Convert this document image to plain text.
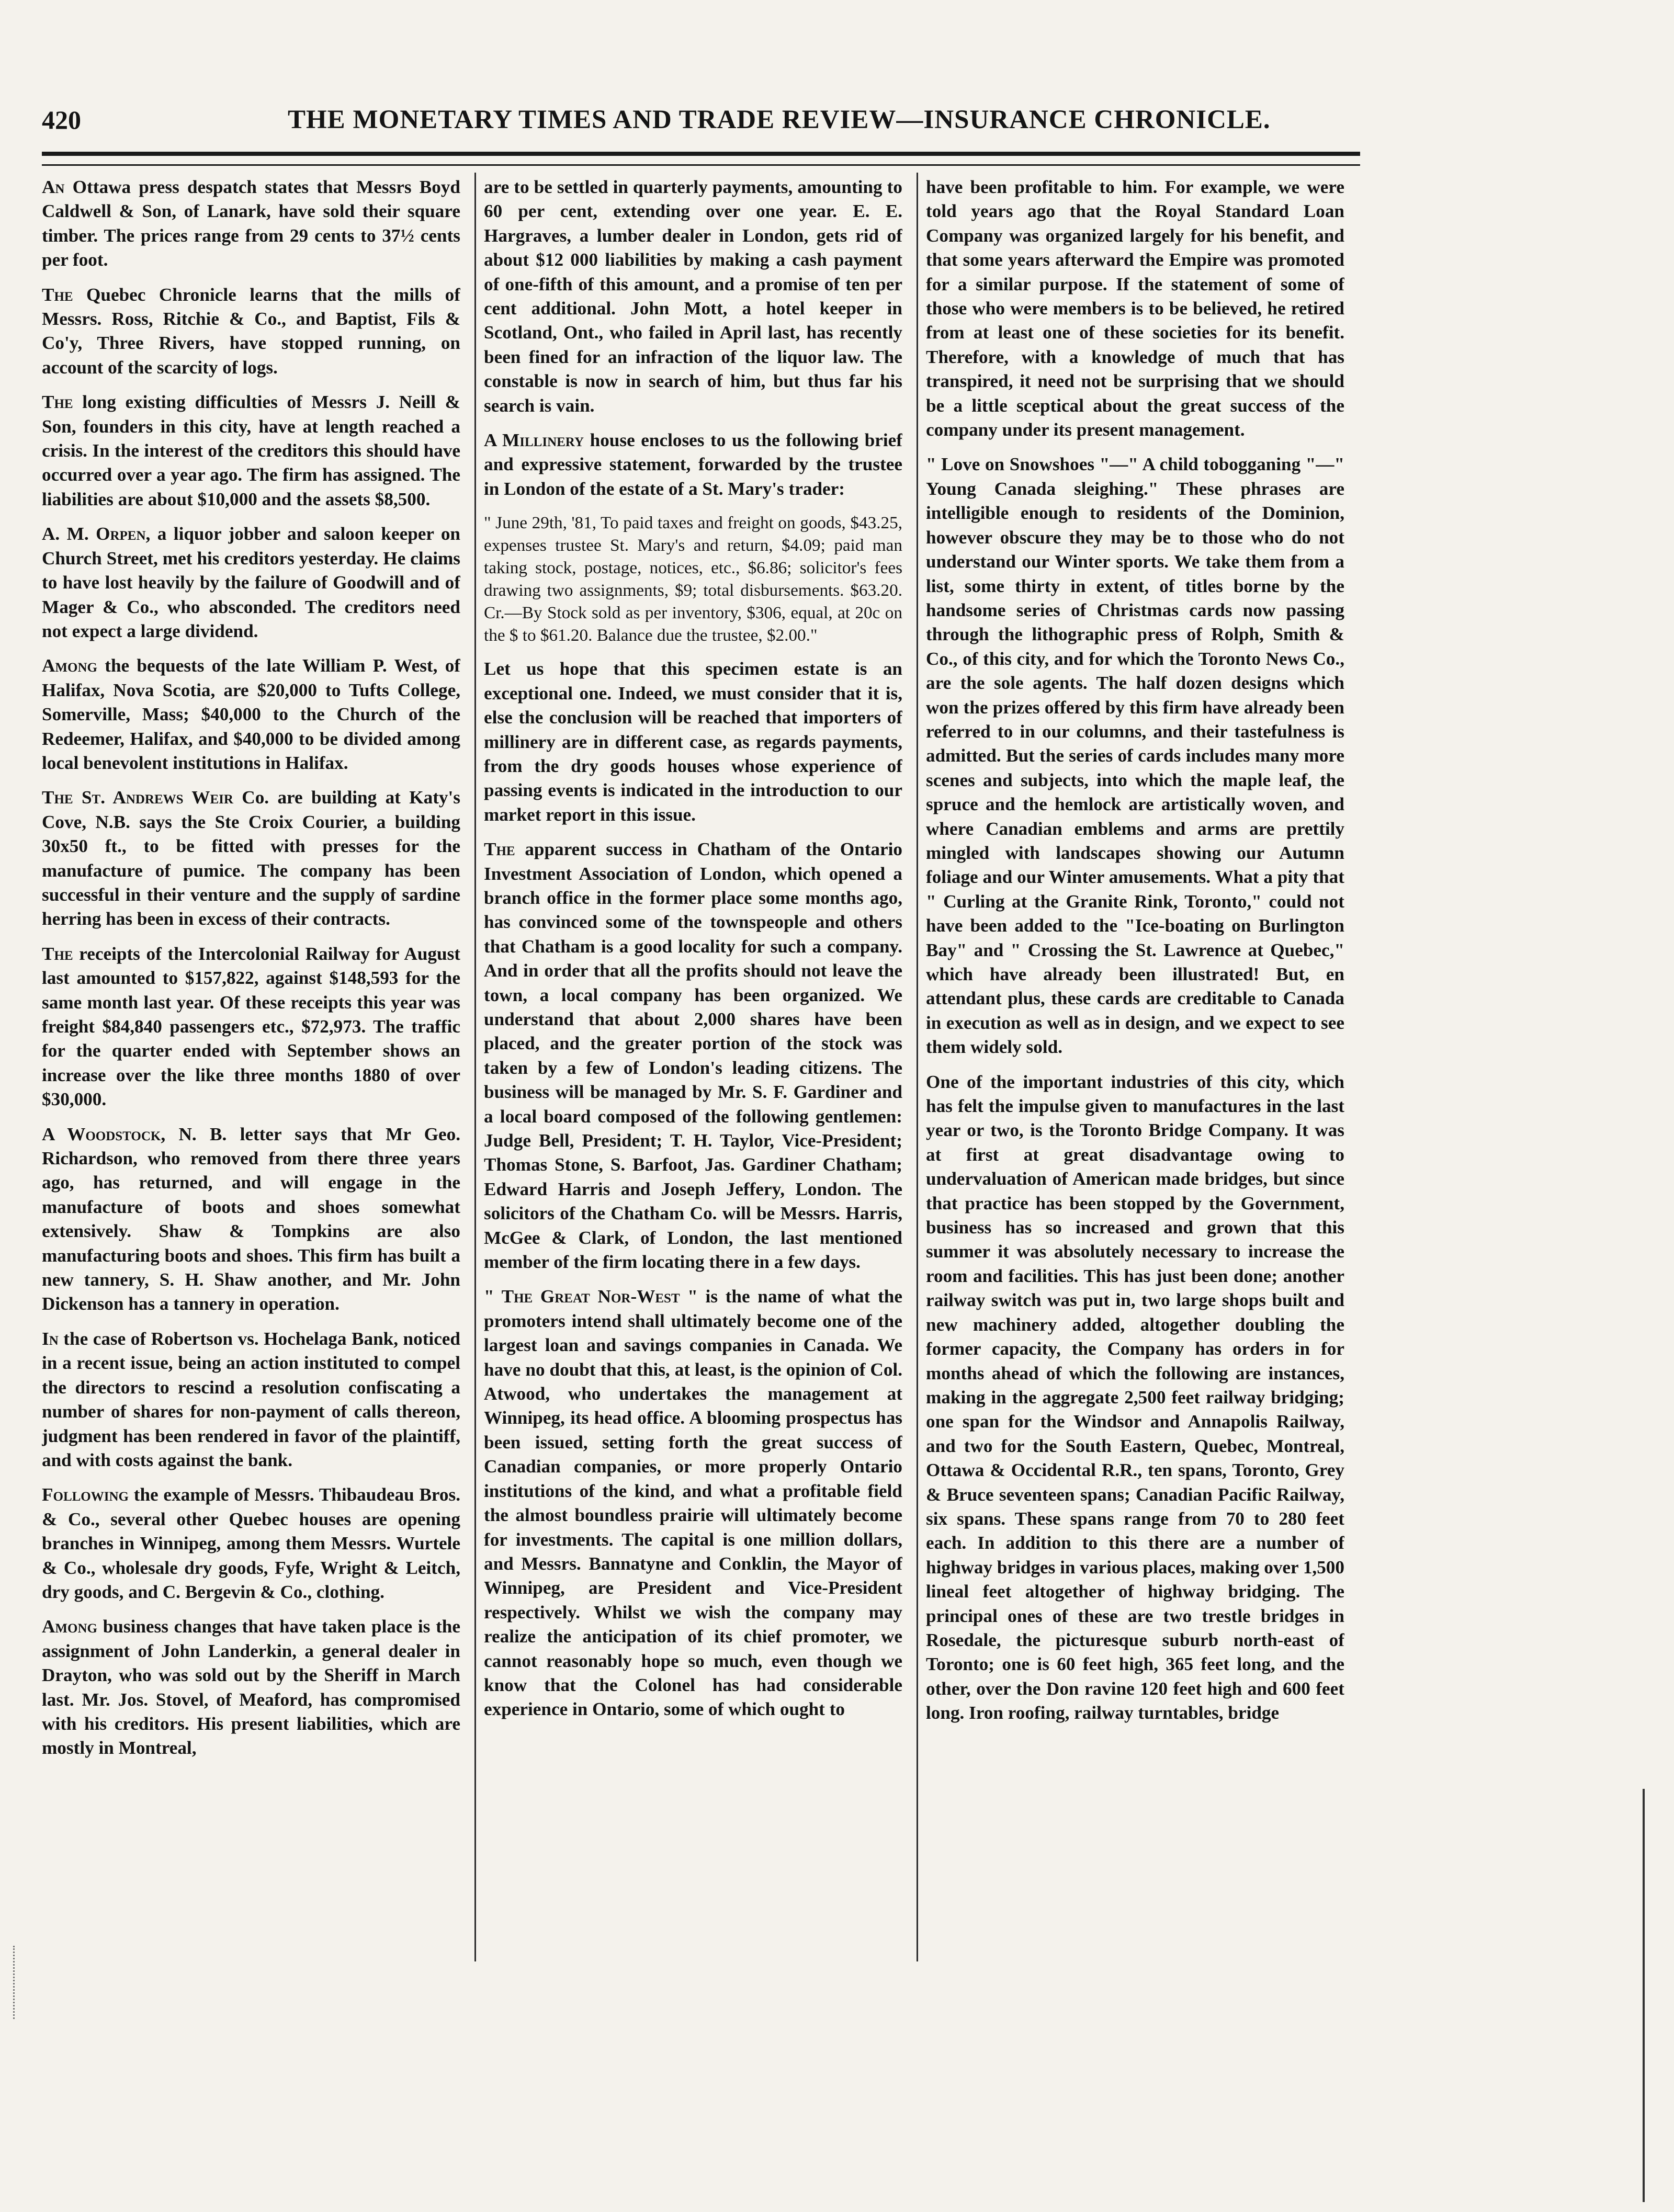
420	THE MONETARY TIMES AND TRADE REVIEW—INSURANCE CHRONICLE.

An Ottawa press despatch states that Messrs Boyd Caldwell & Son, of Lanark, have sold their square timber. The prices range from 29 cents to 37½ cents per foot.

The Quebec Chronicle learns that the mills of Messrs. Ross, Ritchie & Co., and Baptist, Fils & Co'y, Three Rivers, have stopped running, on account of the scarcity of logs.

The long existing difficulties of Messrs J. Neill & Son, founders in this city, have at length reached a crisis. In the interest of the creditors this should have occurred over a year ago. The firm has assigned. The liabilities are about $10,000 and the assets $8,500.

A. M. Orpen, a liquor jobber and saloon keeper on Church Street, met his creditors yesterday. He claims to have lost heavily by the failure of Goodwill and of Mager & Co., who absconded. The creditors need not expect a large dividend.

Among the bequests of the late William P. West, of Halifax, Nova Scotia, are $20,000 to Tufts College, Somerville, Mass; $40,000 to the Church of the Redeemer, Halifax, and $40,000 to be divided among local benevolent institutions in Halifax.

The St. Andrews Weir Co. are building at Katy's Cove, N.B. says the Ste Croix Courier, a building 30x50 ft., to be fitted with presses for the manufacture of pumice. The company has been successful in their venture and the supply of sardine herring has been in excess of their contracts.

The receipts of the Intercolonial Railway for August last amounted to $157,822, against $148,593 for the same month last year. Of these receipts this year was freight $84,840 passengers etc., $72,973. The traffic for the quarter ended with September shows an increase over the like three months 1880 of over $30,000.

A Woodstock, N. B. letter says that Mr Geo. Richardson, who removed from there three years ago, has returned, and will engage in the manufacture of boots and shoes somewhat extensively. Shaw & Tompkins are also manufacturing boots and shoes. This firm has built a new tannery, S. H. Shaw another, and Mr. John Dickenson has a tannery in operation.

In the case of Robertson vs. Hochelaga Bank, noticed in a recent issue, being an action instituted to compel the directors to rescind a resolution confiscating a number of shares for non-payment of calls thereon, judgment has been rendered in favor of the plaintiff, and with costs against the bank.

Following the example of Messrs. Thibaudeau Bros. & Co., several other Quebec houses are opening branches in Winnipeg, among them Messrs. Wurtele & Co., wholesale dry goods, Fyfe, Wright & Leitch, dry goods, and C. Bergevin & Co., clothing.

Among business changes that have taken place is the assignment of John Landerkin, a general dealer in Drayton, who was sold out by the Sheriff in March last. Mr. Jos. Stovel, of Meaford, has compromised with his creditors. His present liabilities, which are mostly in Montreal,

are to be settled in quarterly payments, amounting to 60 per cent, extending over one year. E. E. Hargraves, a lumber dealer in London, gets rid of about $12 000 liabilities by making a cash payment of one-fifth of this amount, and a promise of ten per cent additional. John Mott, a hotel keeper in Scotland, Ont., who failed in April last, has recently been fined for an infraction of the liquor law. The constable is now in search of him, but thus far his search is vain.

A Millinery house encloses to us the following brief and expressive statement, forwarded by the trustee in London of the estate of a St. Mary's trader:

" June 29th, '81, To paid taxes and freight on goods, $43.25, expenses trustee St. Mary's and return, $4.09; paid man taking stock, postage, notices, etc., $6.86; solicitor's fees drawing two assignments, $9; total disbursements. $63.20. Cr.—By Stock sold as per inventory, $306, equal, at 20c on the $ to $61.20. Balance due the trustee, $2.00."

Let us hope that this specimen estate is an exceptional one. Indeed, we must consider that it is, else the conclusion will be reached that importers of millinery are in different case, as regards payments, from the dry goods houses whose experience of passing events is indicated in the introduction to our market report in this issue.

The apparent success in Chatham of the Ontario Investment Association of London, which opened a branch office in the former place some months ago, has convinced some of the townspeople and others that Chatham is a good locality for such a company. And in order that all the profits should not leave the town, a local company has been organized. We understand that about 2,000 shares have been placed, and the greater portion of the stock was taken by a few of London's leading citizens. The business will be managed by Mr. S. F. Gardiner and a local board composed of the following gentlemen: Judge Bell, President; T. H. Taylor, Vice-President; Thomas Stone, S. Barfoot, Jas. Gardiner Chatham; Edward Harris and Joseph Jeffery, London. The solicitors of the Chatham Co. will be Messrs. Harris, McGee & Clark, of London, the last mentioned member of the firm locating there in a few days.

" The Great Nor-West " is the name of what the promoters intend shall ultimately become one of the largest loan and savings companies in Canada. We have no doubt that this, at least, is the opinion of Col. Atwood, who undertakes the management at Winnipeg, its head office. A blooming prospectus has been issued, setting forth the great success of Canadian companies, or more properly Ontario institutions of the kind, and what a profitable field the almost boundless prairie will ultimately become for investments. The capital is one million dollars, and Messrs. Bannatyne and Conklin, the Mayor of Winnipeg, are President and Vice-President respectively. Whilst we wish the company may realize the anticipation of its chief promoter, we cannot reasonably hope so much, even though we know that the Colonel has had considerable experience in Ontario, some of which ought to

have been profitable to him. For example, we were told years ago that the Royal Standard Loan Company was organized largely for his benefit, and that some years afterward the Empire was promoted for a similar purpose. If the statement of some of those who were members is to be believed, he retired from at least one of these societies for its benefit. Therefore, with a knowledge of much that has transpired, it need not be surprising that we should be a little sceptical about the great success of the company under its present management.

" Love on Snowshoes "—" A child tobogganing "—" Young Canada sleighing." These phrases are intelligible enough to residents of the Dominion, however obscure they may be to those who do not understand our Winter sports. We take them from a list, some thirty in extent, of titles borne by the handsome series of Christmas cards now passing through the lithographic press of Rolph, Smith & Co., of this city, and for which the Toronto News Co., are the sole agents. The half dozen designs which won the prizes offered by this firm have already been referred to in our columns, and their tastefulness is admitted. But the series of cards includes many more scenes and subjects, into which the maple leaf, the spruce and the hemlock are artistically woven, and where Canadian emblems and arms are prettily mingled with landscapes showing our Autumn foliage and our Winter amusements. What a pity that " Curling at the Granite Rink, Toronto," could not have been added to the "Ice-boating on Burlington Bay" and " Crossing the St. Lawrence at Quebec," which have already been illustrated! But, en attendant plus, these cards are creditable to Canada in execution as well as in design, and we expect to see them widely sold.

One of the important industries of this city, which has felt the impulse given to manufactures in the last year or two, is the Toronto Bridge Company. It was at first at great disadvantage owing to undervaluation of American made bridges, but since that practice has been stopped by the Government, business has so increased and grown that this summer it was absolutely necessary to increase the room and facilities. This has just been done; another railway switch was put in, two large shops built and new machinery added, altogether doubling the former capacity, the Company has orders in for months ahead of which the following are instances, making in the aggregate 2,500 feet railway bridging; one span for the Windsor and Annapolis Railway, and two for the South Eastern, Quebec, Montreal, Ottawa & Occidental R.R., ten spans, Toronto, Grey & Bruce seventeen spans; Canadian Pacific Railway, six spans. These spans range from 70 to 280 feet each. In addition to this there are a number of highway bridges in various places, making over 1,500 lineal feet altogether of highway bridging. The principal ones of these are two trestle bridges in Rosedale, the picturesque suburb north-east of Toronto; one is 60 feet high, 365 feet long, and the other, over the Don ravine 120 feet high and 600 feet long. Iron roofing, railway turntables, bridge
